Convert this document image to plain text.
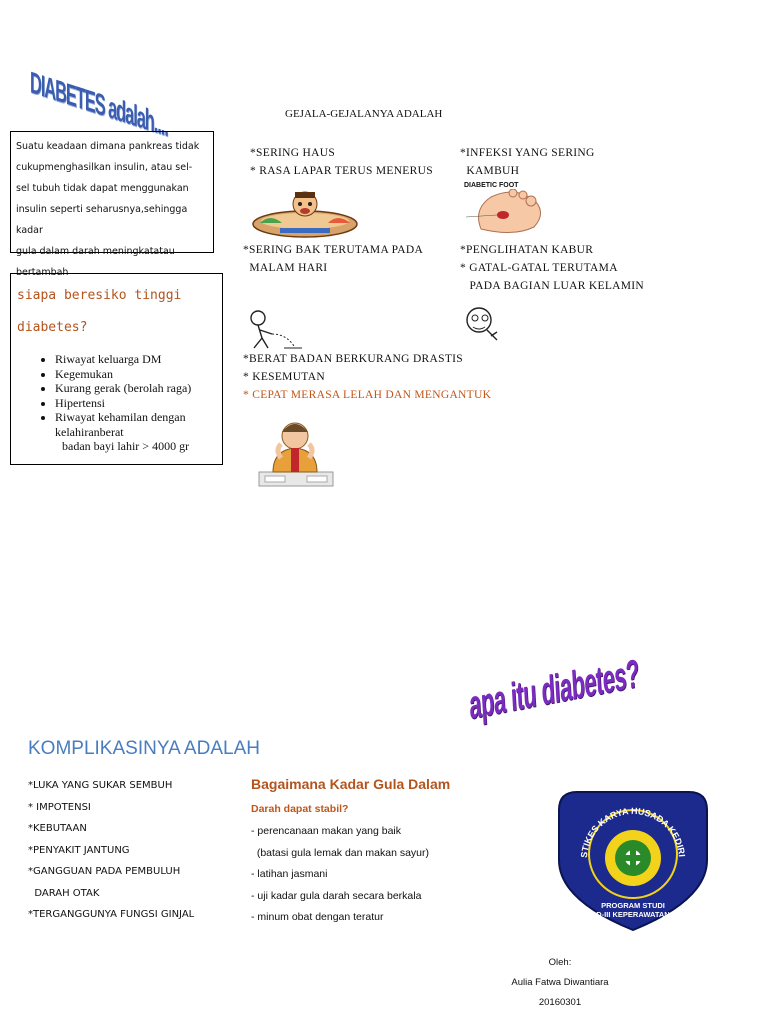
DIABETES adalah....

Suatu keadaan dimana pankreas tidak

cukupmenghasilkan insulin, atau sel-

sel tubuh tidak dapat menggunakan

insulin seperti seharusnya,sehingga kadar

gula dalam darah meningkatatau

bertambah

siapa beresiko tinggi
diabetes?
• Riwayat keluarga DM
• Kegemukan
• Kurang gerak (berolah raga)
• Hipertensi
• Riwayat kehamilan dengan kelahiranberat
badan bayi lahir > 4000 gr
GEJALA-GEJALANYA ADALAH
*SERING HAUS
* RASA LAPAR TERUS MENERUS
*INFEKSI YANG SERING
KAMBUH
DIABETIC FOOT
*SERING BAK TERUTAMA PADA
MALAM HARI
*PENGLIHATAN KABUR
* GATAL-GATAL TERUTAMA
PADA BAGIAN LUAR KELAMIN
*BERAT BADAN BERKURANG DRASTIS
* KESEMUTAN
* CEPAT MERASA LELAH DAN MENGANTUK
KOMPLIKASINYA ADALAH
*LUKA YANG SUKAR SEMBUH
* IMPOTENSI
*KEBUTAAN
*PENYAKIT JANTUNG
*GANGGUAN PADA PEMBULUH
DARAH OTAK
*TERGANGGUNYA FUNGSI GINJAL
Bagaimana Kadar Gula Dalam
Darah dapat stabil?
- perencanaan makan yang baik
(batasi gula lemak dan makan sayur)
- latihan jasmani
- uji kadar gula darah secara berkala
- minum obat dengan teratur
apa itu diabetes?
STIKES KARYA HUSADA KEDIRI
PROGRAM STUDI
D-III KEPERAWATAN
Oleh:
Aulia Fatwa Diwantiara
20160301
